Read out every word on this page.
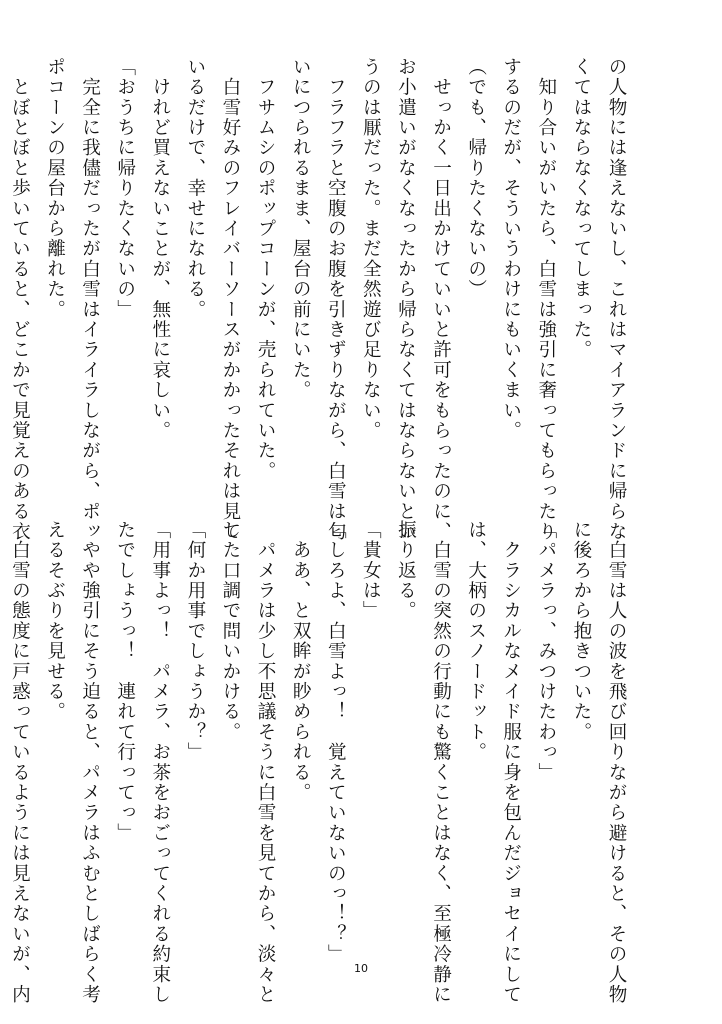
の人物には逢えないし、これはマイアランドに帰らな
くてはならなくなってしまった。
　知り合いがいたら、白雪は強引に奢ってもらったり
するのだが、そういうわけにもいくまい。
（でも、帰りたくないの）
　せっかく一日出かけていいと許可をもらったのに、
お小遣いがなくなったから帰らなくてはならないとい
うのは厭だった。まだ全然遊び足りない。
　フラフラと空腹のお腹を引きずりながら、白雪は匂
いにつられるまま、屋台の前にいた。
　フサムシのポップコーンが、売られていた。
　白雪好みのフレイバーソースがかかったそれは見て
いるだけで、幸せになれる。
　けれど買えないことが、無性に哀しい。
「おうちに帰りたくないの」
　完全に我儘だったが白雪はイライラしながら、ポッ
ポコーンの屋台から離れた。
　とぼとぼと歩いていると、どこかで見覚えのある衣
　白雪は人の波を飛び回りながら避けると、その人物
に後ろから抱きついた。
「パメラっ、みつけたわっ」
　クラシカルなメイド服に身を包んだジョセイにして
は、大柄のスノードット。
　白雪の突然の行動にも驚くことはなく、至極冷静に
振り返る。
「貴女は」
「しろよ、白雪よっ！　覚えていないのっ！？」
　ああ、と双眸が眇められる。
　パメラは少し不思議そうに白雪を見てから、淡々と
した口調で問いかける。
「何か用事でしょうか？」
「用事よっ！　パメラ、お茶をおごってくれる約束し
たでしょうっ！　連れて行ってっ」
　やや強引にそう迫ると、パメラはふむとしばらく考
えるそぶりを見せる。
　白雪の態度に戸惑っているようには見えないが、内	10
